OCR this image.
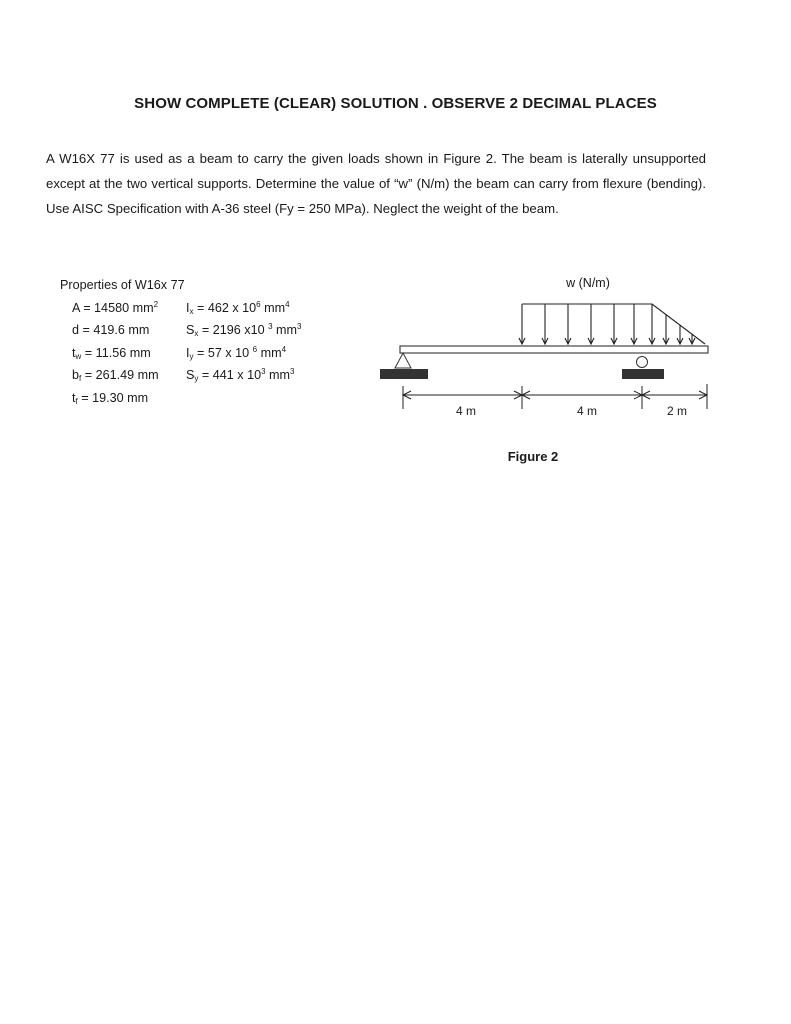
SHOW COMPLETE (CLEAR) SOLUTION . OBSERVE 2 DECIMAL PLACES

A W16X 77 is used as a beam to carry the given loads shown in Figure 2. The beam is laterally unsupported except at the two vertical supports. Determine the value of “w” (N/m) the beam can carry from flexure (bending). Use AISC Specification with A-36 steel (Fy = 250 MPa). Neglect the weight of the beam.

Properties of W16x 77
A = 14580 $mm^2$ $I_x = 462$ x $10^6$ $mm^4$
d = 419.6 mm	$S_x = 2196$ x10 $^3$ $mm^3$
$t_w = 11.56$ mm	$I_y = 57$ x 10 $^6$ $mm^4$
$b_f = 261.49$ mm $S_y = 441$ x $10^3$ $mm^3$
$t_f = 19.30$ mm
w (N/m)
4 m	4 m	2 m
Figure 2
